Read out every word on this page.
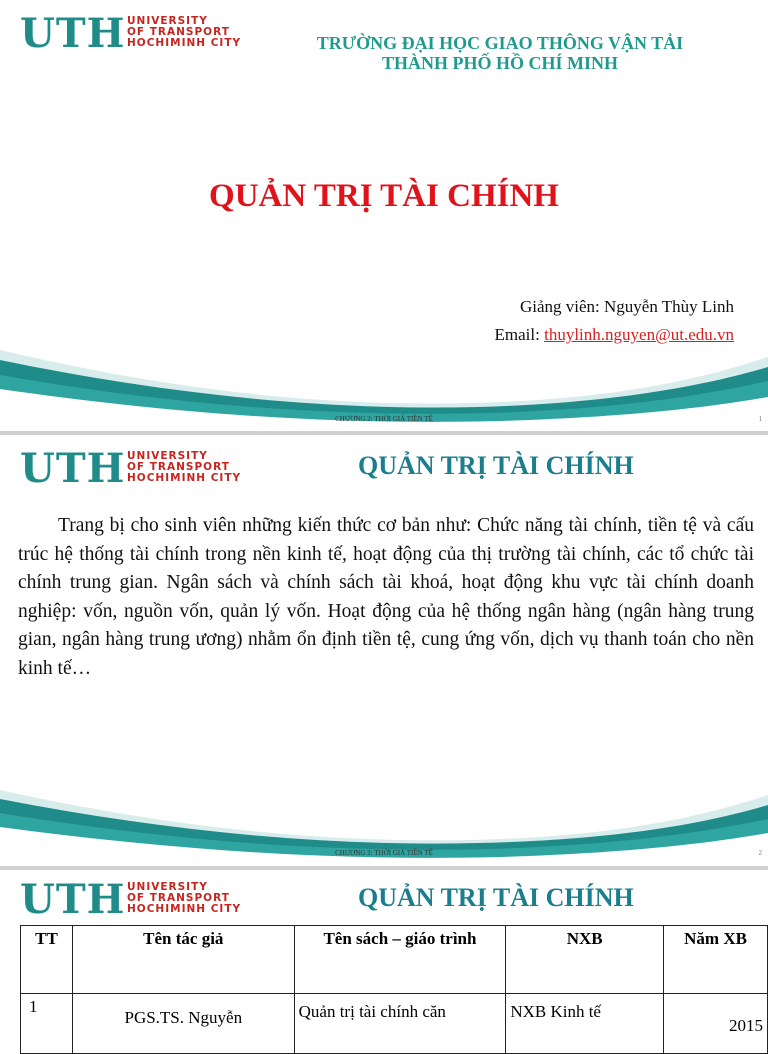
UTH UNIVERSITY
OF TRANSPORT
HOCHIMINH CITY	TRƯỜNG ĐẠI HỌC GIAO THÔNG VẬN TẢI
THÀNH PHỐ HỒ CHÍ MINH
QUẢN TRỊ TÀI CHÍNH
Giảng viên: Nguyễn Thùy Linh
Email: thuylinh.nguyen@ut.edu.vn
CHƯƠNG 2: THỜI GIÁ TIỀN TỆ	1
UTH UNIVERSITY
OF TRANSPORT
HOCHIMINH CITY	QUẢN TRỊ TÀI CHÍNH
Trang bị cho sinh viên những kiến thức cơ bản như: Chức năng tài chính, tiền tệ và cấu trúc hệ thống tài chính trong nền kinh tế, hoạt động của thị trường tài chính, các tổ chức tài chính trung gian. Ngân sách và chính sách tài khoá, hoạt động khu vực tài chính doanh nghiệp: vốn, nguồn vốn, quản lý vốn. Hoạt động của hệ thống ngân hàng (ngân hàng trung gian, ngân hàng trung ương) nhằm ổn định tiền tệ, cung ứng vốn, dịch vụ thanh toán cho nền kinh tế…
CHƯƠNG 2: THỜI GIÁ TIỀN TỆ	2
UTH UNIVERSITY
OF TRANSPORT
HOCHIMINH CITY	QUẢN TRỊ TÀI CHÍNH
TT	Tên tác giả	Tên sách – giáo trình	NXB	Năm XB
1	PGS.TS. Nguyễn	Quản trị tài chính căn	NXB Kinh tế	2015
